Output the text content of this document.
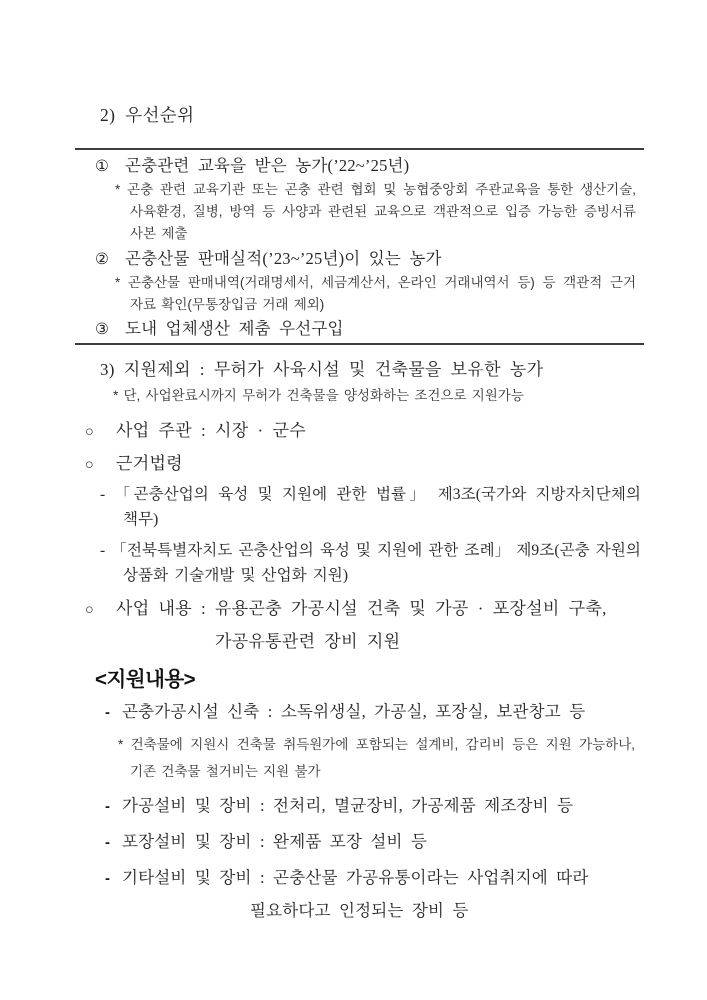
2) 우선순위
① 곤충관련 교육을 받은 농가(’22~’25년)
* 곤충 관련 교육기관 또는 곤충 관련 협회 및 농협중앙회 주관교육을 통한 생산기술, 사육환경, 질병, 방역 등 사양과 관련된 교육으로 객관적으로 입증 가능한 증빙서류 사본 제출
② 곤충산물 판매실적(’23~’25년)이 있는 농가
* 곤충산물 판매내역(거래명세서, 세금계산서, 온라인 거래내역서 등) 등 객관적 근거 자료 확인(무통장입금 거래 제외)
③ 도내 업체생산 제춤 우선구입
3) 지원제외 : 무허가 사육시설 및 건축물을 보유한 농가
* 단, 사업완료시까지 무허가 건축물을 양성화하는 조건으로 지원가능
○	사업 주관 : 시장 · 군수
○	근거법령
- 「곤충산업의 육성 및 지원에 관한 법률」 제3조(국가와 지방자치단체의 책무)
- 「전북특별자치도 곤충산업의 육성 및 지원에 관한 조례」 제9조(곤충 자원의 상품화 기술개발 및 산업화 지원)
○	사업 내용 : 유용곤충 가공시설 건축 및 가공 · 포장설비 구축,
가공유통관련 장비 지원
<지원내용>
- 곤충가공시설 신축 : 소독위생실, 가공실, 포장실, 보관창고 등
* 건축물에 지원시 건축물 취득원가에 포함되는 설계비, 감리비 등은 지원 가능하나, 기존 건축물 철거비는 지원 불가
- 가공설비 및 장비 : 전처리, 멸균장비, 가공제품 제조장비 등
- 포장설비 및 장비 : 완제품 포장 설비 등
- 기타설비 및 장비 : 곤충산물 가공유통이라는 사업취지에 따라
필요하다고 인정되는 장비 등
